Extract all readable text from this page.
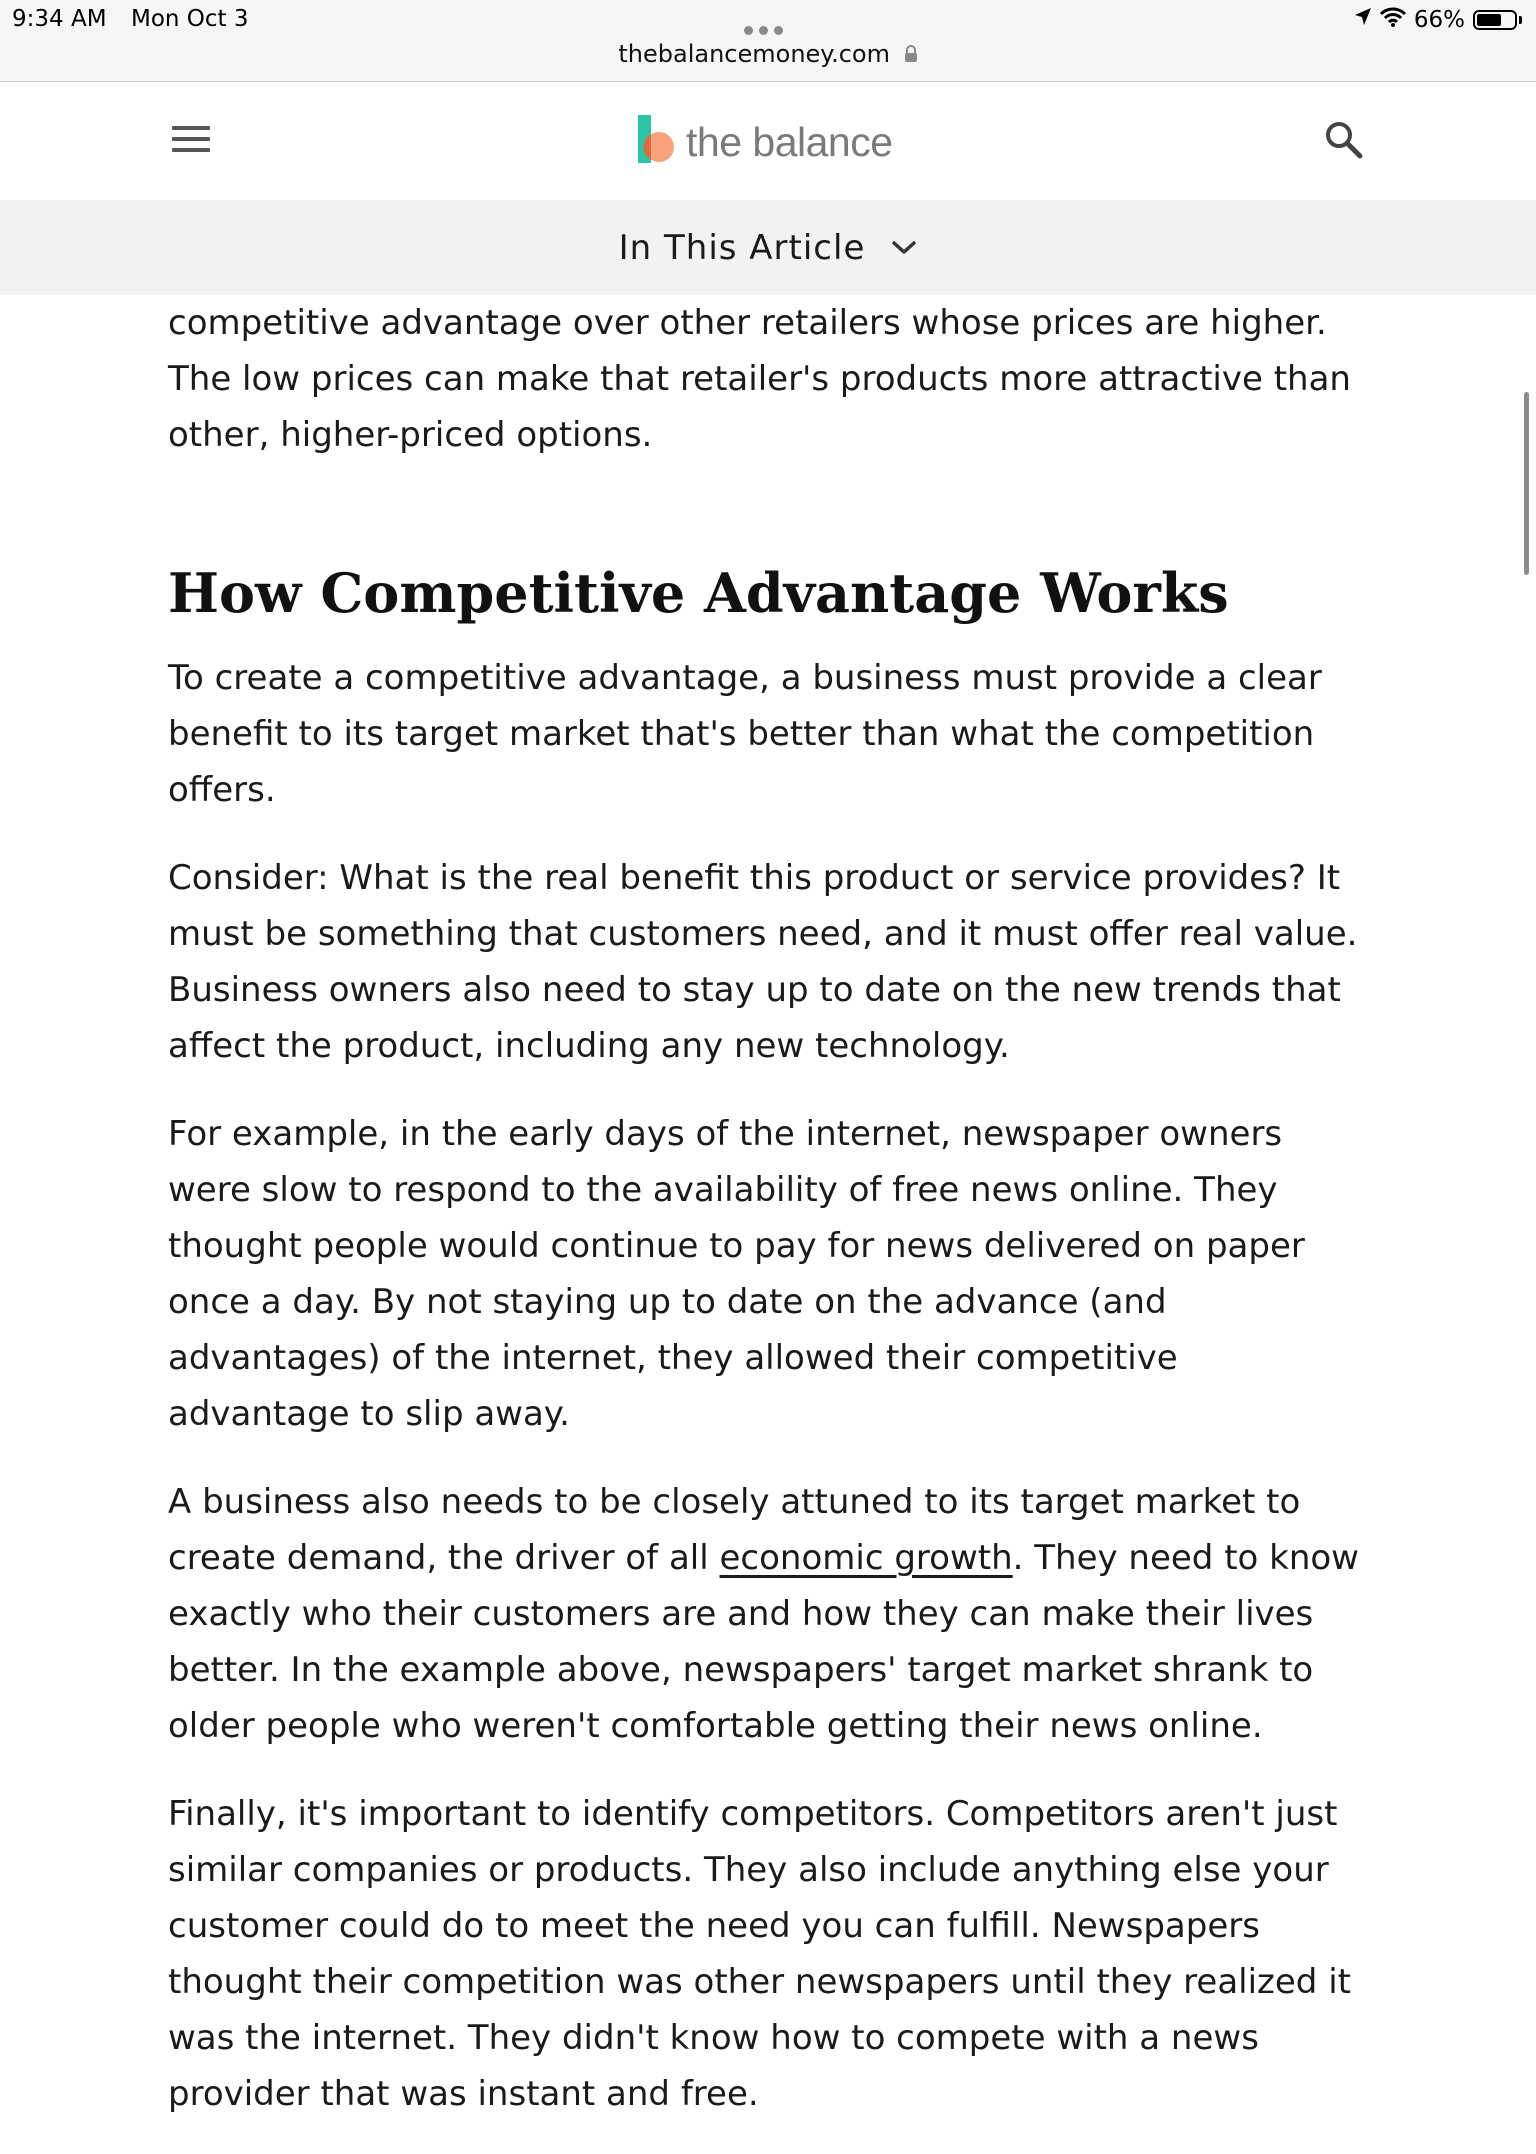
9:34 AM Mon Oct 3
thebalancemoney.com
66%
the balance
In This Article

competitive advantage over other retailers whose prices are higher. The low prices can make that retailer's products more attractive than other, higher-priced options.

How Competitive Advantage Works

To create a competitive advantage, a business must provide a clear benefit to its target market that's better than what the competition offers.

Consider: What is the real benefit this product or service provides? It must be something that customers need, and it must offer real value. Business owners also need to stay up to date on the new trends that affect the product, including any new technology.

For example, in the early days of the internet, newspaper owners were slow to respond to the availability of free news online. They thought people would continue to pay for news delivered on paper once a day. By not staying up to date on the advance (and advantages) of the internet, they allowed their competitive advantage to slip away.

A business also needs to be closely attuned to its target market to create demand, the driver of all economic growth. They need to know exactly who their customers are and how they can make their lives better. In the example above, newspapers' target market shrank to older people who weren't comfortable getting their news online.

Finally, it's important to identify competitors. Competitors aren't just similar companies or products. They also include anything else your customer could do to meet the need you can fulfill. Newspapers thought their competition was other newspapers until they realized it was the internet. They didn't know how to compete with a news provider that was instant and free.
